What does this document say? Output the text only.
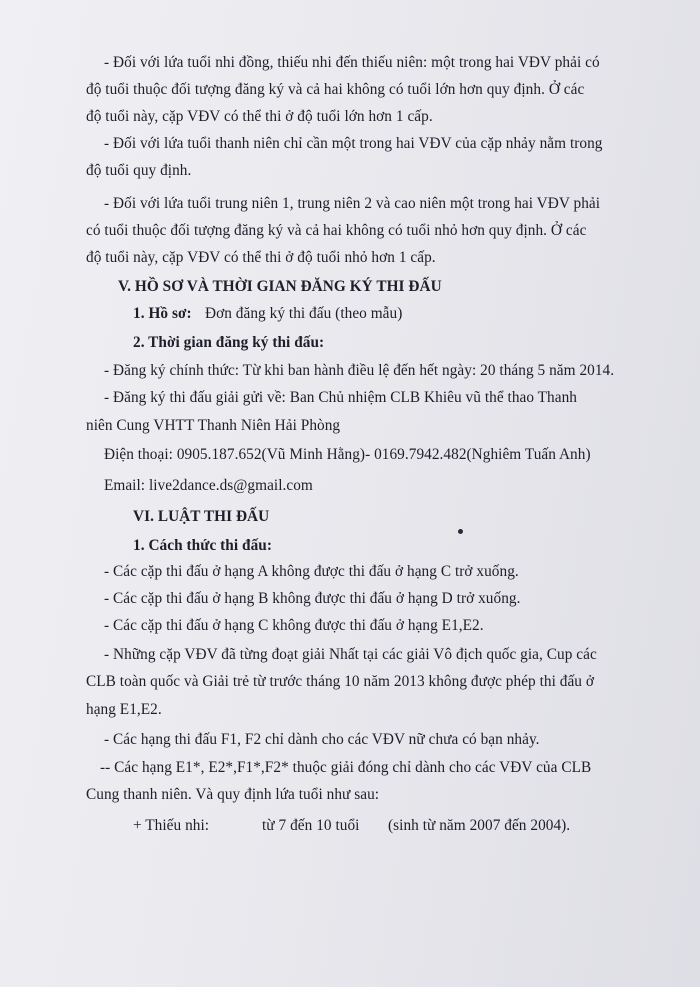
- Đối với lứa tuổi nhi đồng, thiếu nhi đến thiếu niên: một trong hai VĐV phải có
độ tuổi thuộc đối tượng đăng ký và cả hai không có tuổi lớn hơn quy định. Ở các
độ tuổi này, cặp VĐV có thể thi ở độ tuổi lớn hơn 1 cấp.
- Đối với lứa tuổi thanh niên chỉ cần một trong hai VĐV của cặp nhảy nằm trong
độ tuổi quy định.
- Đối với lứa tuổi trung niên 1, trung niên 2 và cao niên một trong hai VĐV phải
có tuổi thuộc đối tượng đăng ký và cả hai không có tuổi nhỏ hơn quy định. Ở các
độ tuổi này, cặp VĐV có thể thi ở độ tuổi nhỏ hơn 1 cấp.
V. HỒ SƠ VÀ THỜI GIAN ĐĂNG KÝ THI ĐẤU
1. Hồ sơ: Đơn đăng ký thi đấu (theo mẫu)
2. Thời gian đăng ký thi đấu:
- Đăng ký chính thức: Từ khi ban hành điều lệ đến hết ngày: 20 tháng 5 năm 2014.
- Đăng ký thi đấu giải gửi về: Ban Chủ nhiệm CLB Khiêu vũ thể thao Thanh
niên Cung VHTT Thanh Niên Hải Phòng
Điện thoại: 0905.187.652(Vũ Minh Hằng)- 0169.7942.482(Nghiêm Tuấn Anh)
Email: live2dance.ds@gmail.com
VI. LUẬT THI ĐẤU
1. Cách thức thi đấu:
- Các cặp thi đấu ở hạng A không được thi đấu ở hạng C trở xuống.
- Các cặp thi đấu ở hạng B không được thi đấu ở hạng D trở xuống.
- Các cặp thi đấu ở hạng C không được thi đấu ở hạng E1,E2.
- Những cặp VĐV đã từng đoạt giải Nhất tại các giải Vô địch quốc gia, Cup các
CLB toàn quốc và Giải trẻ từ trước tháng 10 năm 2013 không được phép thi đấu ở
hạng E1,E2.
- Các hạng thi đấu F1, F2 chỉ dành cho các VĐV nữ chưa có bạn nhảy.
-- Các hạng E1*, E2*,F1*,F2* thuộc giải đóng chỉ dành cho các VĐV của CLB
Cung thanh niên. Và quy định lứa tuổi như sau:
+ Thiếu nhi:	từ 7 đến 10 tuổi (sinh từ năm 2007 đến 2004).
